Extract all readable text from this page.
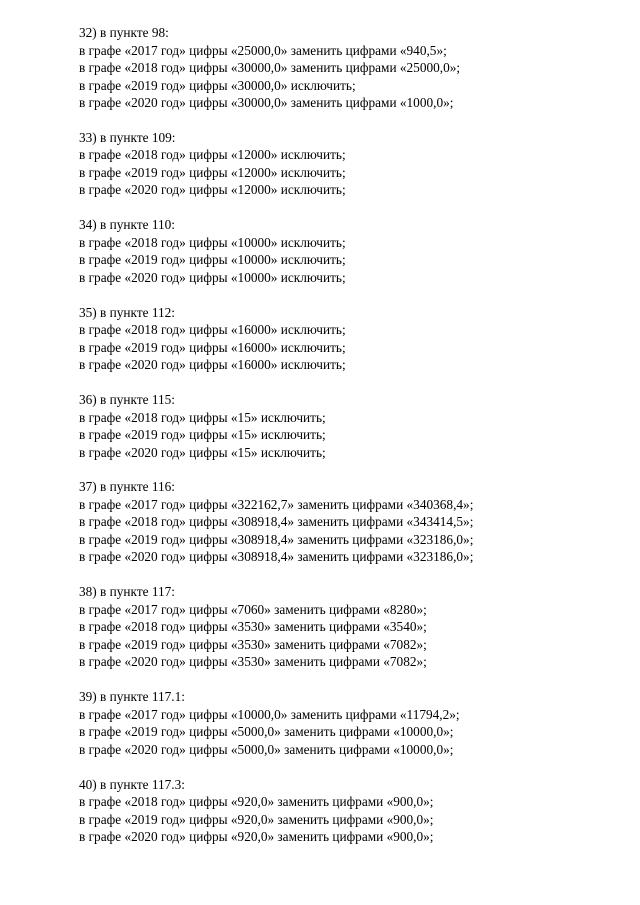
32) в пункте 98:
в графе «2017 год» цифры «25000,0» заменить цифрами «940,5»;
в графе «2018 год» цифры «30000,0» заменить цифрами «25000,0»;
в графе «2019 год» цифры «30000,0» исключить;
в графе «2020 год» цифры «30000,0» заменить цифрами «1000,0»;
33) в пункте 109:
в графе «2018 год» цифры «12000» исключить;
в графе «2019 год» цифры «12000» исключить;
в графе «2020 год» цифры «12000» исключить;
34) в пункте 110:
в графе «2018 год» цифры «10000» исключить;
в графе «2019 год» цифры «10000» исключить;
в графе «2020 год» цифры «10000» исключить;
35) в пункте 112:
в графе «2018 год» цифры «16000» исключить;
в графе «2019 год» цифры «16000» исключить;
в графе «2020 год» цифры «16000» исключить;
36) в пункте 115:
в графе «2018 год» цифры «15» исключить;
в графе «2019 год» цифры «15» исключить;
в графе «2020 год» цифры «15» исключить;
37) в пункте 116:
в графе «2017 год» цифры «322162,7» заменить цифрами «340368,4»;
в графе «2018 год» цифры «308918,4» заменить цифрами «343414,5»;
в графе «2019 год» цифры «308918,4» заменить цифрами «323186,0»;
в графе «2020 год» цифры «308918,4» заменить цифрами «323186,0»;
38) в пункте 117:
в графе «2017 год» цифры «7060» заменить цифрами «8280»;
в графе «2018 год» цифры «3530» заменить цифрами «3540»;
в графе «2019 год» цифры «3530» заменить цифрами «7082»;
в графе «2020 год» цифры «3530» заменить цифрами «7082»;
39) в пункте 117.1:
в графе «2017 год» цифры «10000,0» заменить цифрами «11794,2»;
в графе «2019 год» цифры «5000,0» заменить цифрами «10000,0»;
в графе «2020 год» цифры «5000,0» заменить цифрами «10000,0»;
40) в пункте 117.3:
в графе «2018 год» цифры «920,0» заменить цифрами «900,0»;
в графе «2019 год» цифры «920,0» заменить цифрами «900,0»;
в графе «2020 год» цифры «920,0» заменить цифрами «900,0»;
